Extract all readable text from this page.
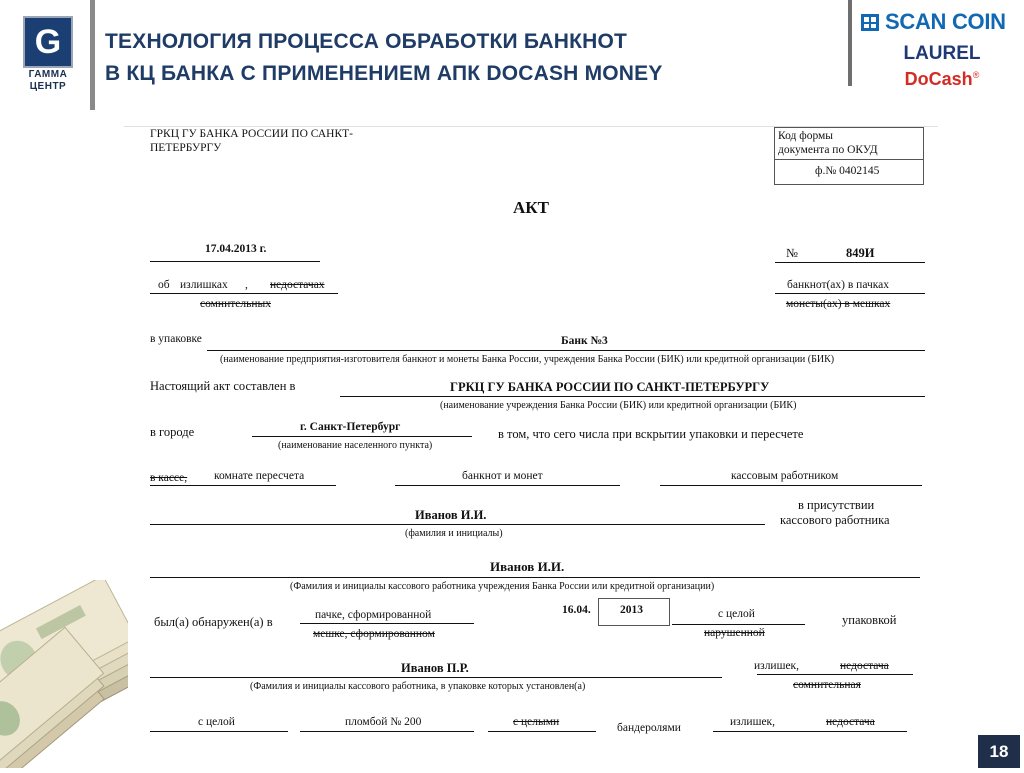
G
ГАММА
ЦЕНТР
ТЕХНОЛОГИЯ ПРОЦЕССА ОБРАБОТКИ БАНКНОТ
В КЦ БАНКА С ПРИМЕНЕНИЕМ АПК DOCASH MONEY
SCAN COIN
LAUREL
DoCash®
ГРКЦ ГУ БАНКА РОССИИ ПО САНКТ-
ПЕТЕРБУРГУ
Код формы
документа по ОКУД
ф.№ 0402145
АКТ
17.04.2013 г.	№	849И
об излишках , недостачах
сомнительных
банкнот(ах) в пачках
монеты(ах) в мешках
в упаковке	Банк №3
(наименование предприятия-изготовителя банкнот и монеты Банка России, учреждения Банка России (БИК) или кредитной организации (БИК)
Настоящий акт составлен в	ГРКЦ ГУ БАНКА РОССИИ ПО САНКТ-ПЕТЕРБУРГУ
(наименование учреждения Банка России (БИК) или кредитной организации (БИК)
в городе	г. Санкт-Петербург
(наименование населенного пункта)
в том, что сего числа при вскрытии упаковки и пересчете
в кассе, комнате пересчета	банкнот и монет	кассовым работником
в присутствии
кассового работника
Иванов И.И.
(фамилия и инициалы)
Иванов И.И.
(Фамилия и инициалы кассового работника учреждения Банка России или кредитной организации)
был(а) обнаружен(а) в	пачке, сформированной
мешке, сформированном
16.04.	2013	с целой
нарушенной
упаковкой
Иванов П.Р.
(Фамилия и инициалы кассового работника, в упаковке которых установлен(а)
излишек,	недостача
сомнительная
с целой	пломбой № 200	с целыми	бандеролями	излишек,	недостача
18
